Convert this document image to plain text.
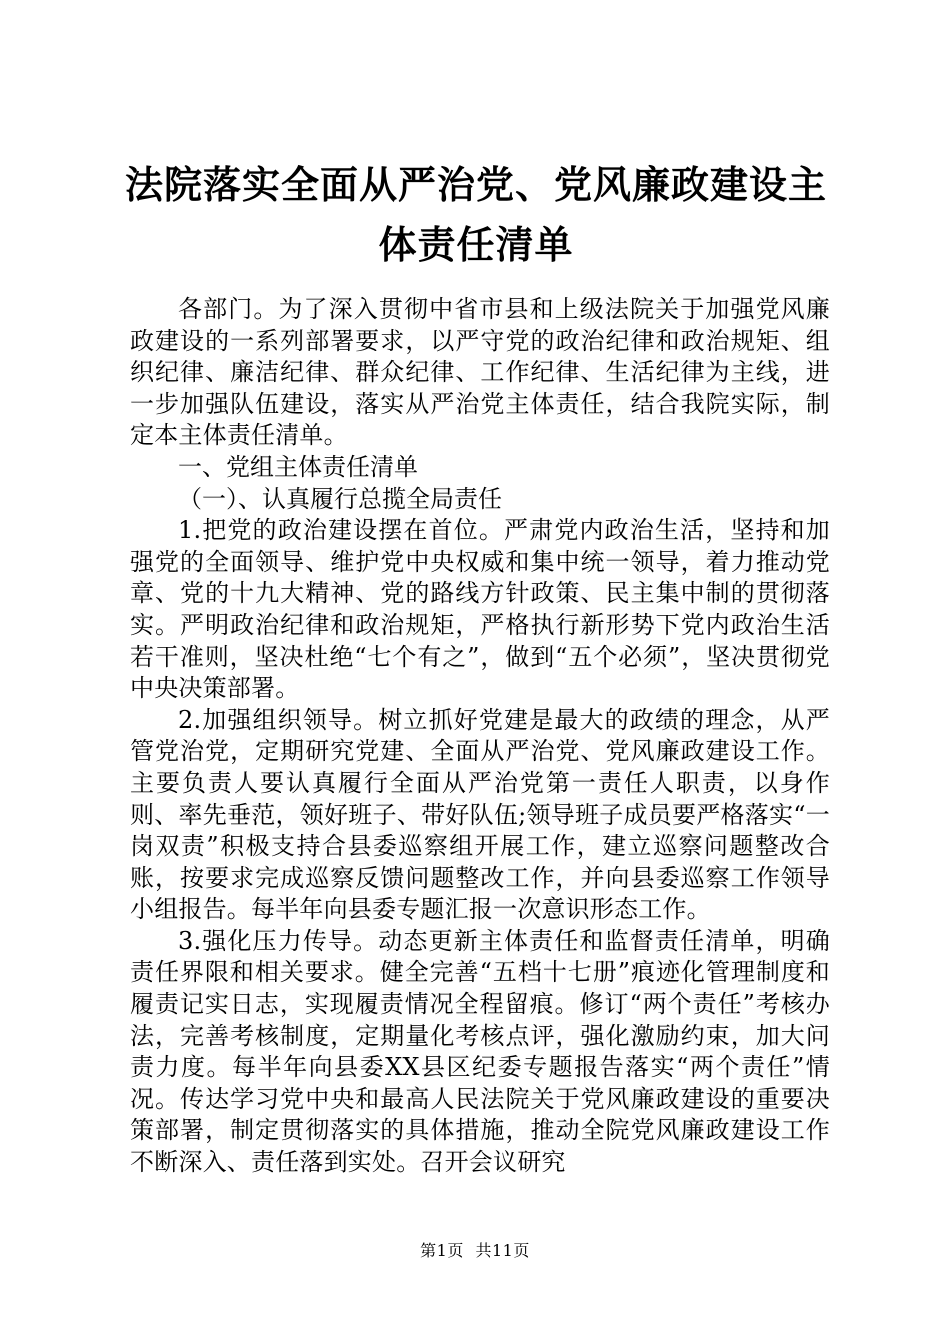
法院落实全面从严治党、党风廉政建设主体责任清单

各部门。为了深入贯彻中省市县和上级法院关于加强党风廉政建设的一系列部署要求，以严守党的政治纪律和政治规矩、组织纪律、廉洁纪律、群众纪律、工作纪律、生活纪律为主线，进一步加强队伍建设，落实从严治党主体责任，结合我院实际，制定本主体责任清单。

一、党组主体责任清单

（一）、认真履行总揽全局责任

1.把党的政治建设摆在首位。严肃党内政治生活，坚持和加强党的全面领导、维护党中央权威和集中统一领导，着力推动党章、党的十九大精神、党的路线方针政策、民主集中制的贯彻落实。严明政治纪律和政治规矩，严格执行新形势下党内政治生活若干准则，坚决杜绝“七个有之”，做到“五个必须”，坚决贯彻党中央决策部署。

2.加强组织领导。树立抓好党建是最大的政绩的理念，从严管党治党，定期研究党建、全面从严治党、党风廉政建设工作。主要负责人要认真履行全面从严治党第一责任人职责，以身作则、率先垂范，领好班子、带好队伍;领导班子成员要严格落实“一岗双责”积极支持合县委巡察组开展工作，建立巡察问题整改合账，按要求完成巡察反馈问题整改工作，并向县委巡察工作领导小组报告。每半年向县委专题汇报一次意识形态工作。

3.强化压力传导。动态更新主体责任和监督责任清单，明确责任界限和相关要求。健全完善“五档十七册”痕迹化管理制度和履责记实日志，实现履责情况全程留痕。修订“两个责任”考核办法，完善考核制度，定期量化考核点评，强化激励约束，加大问责力度。每半年向县委XX县区纪委专题报告落实“两个责任”情况。传达学习党中央和最高人民法院关于党风廉政建设的重要决策部署，制定贯彻落实的具体措施，推动全院党风廉政建设工作不断深入、责任落到实处。召开会议研究

第1页 共11页
